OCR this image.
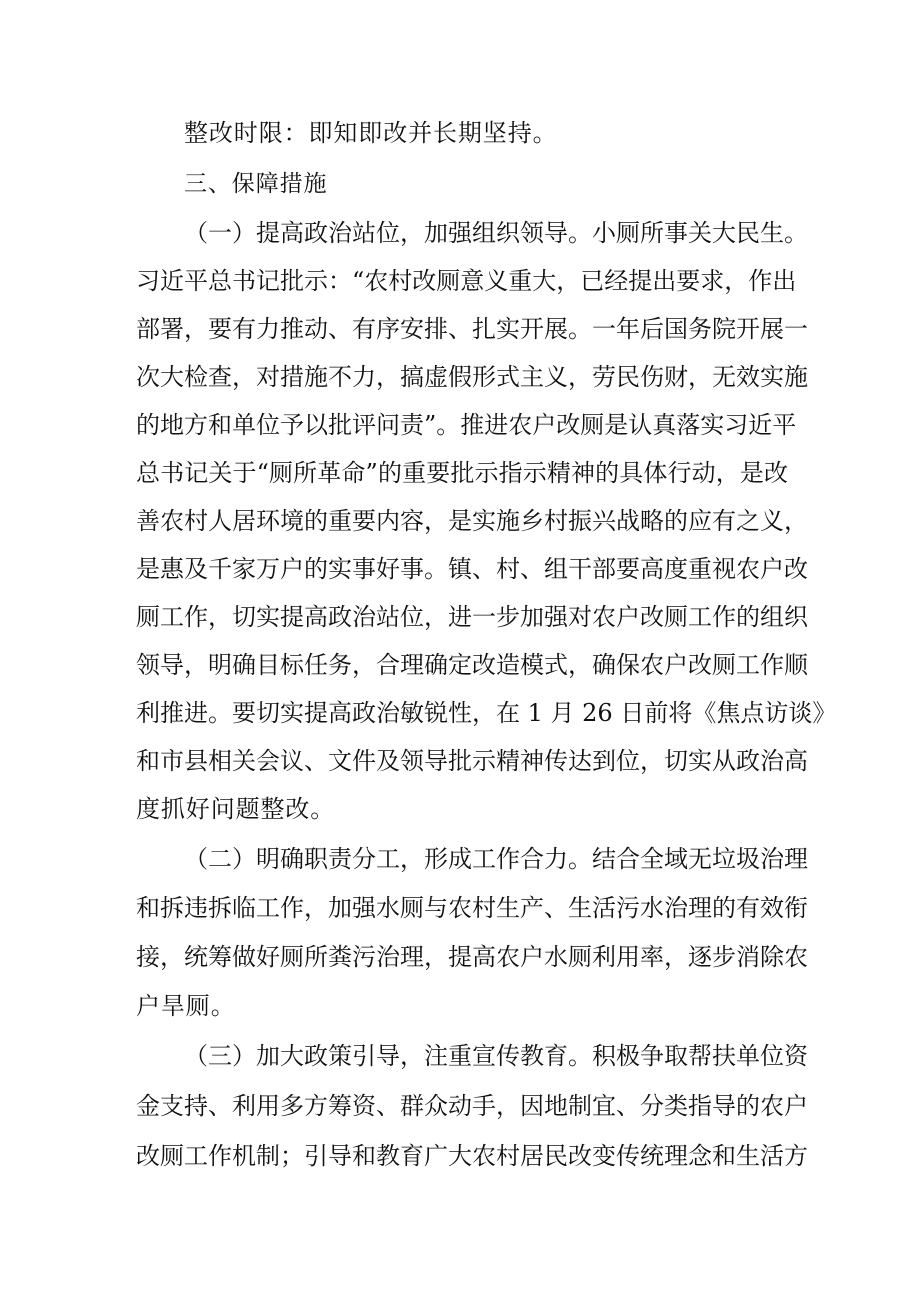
整改时限：即知即改并长期坚持。
三、保障措施
（一）提高政治站位，加强组织领导。小厕所事关大民生。
习近平总书记批示：“农村改厕意义重大，已经提出要求，作出
部署，要有力推动、有序安排、扎实开展。一年后国务院开展一
次大检查，对措施不力，搞虚假形式主义，劳民伤财，无效实施
的地方和单位予以批评问责”。推进农户改厕是认真落实习近平
总书记关于“厕所革命”的重要批示指示精神的具体行动，是改
善农村人居环境的重要内容，是实施乡村振兴战略的应有之义，
是惠及千家万户的实事好事。镇、村、组干部要高度重视农户改
厕工作，切实提高政治站位，进一步加强对农户改厕工作的组织
领导，明确目标任务，合理确定改造模式，确保农户改厕工作顺
利推进。要切实提高政治敏锐性，在 1 月 26 日前将《焦点访谈》
和市县相关会议、文件及领导批示精神传达到位，切实从政治高
度抓好问题整改。
（二）明确职责分工，形成工作合力。结合全域无垃圾治理
和拆违拆临工作，加强水厕与农村生产、生活污水治理的有效衔
接，统筹做好厕所粪污治理，提高农户水厕利用率，逐步消除农
户旱厕。
（三）加大政策引导，注重宣传教育。积极争取帮扶单位资
金支持、利用多方筹资、群众动手，因地制宜、分类指导的农户
改厕工作机制；引导和教育广大农村居民改变传统理念和生活方
